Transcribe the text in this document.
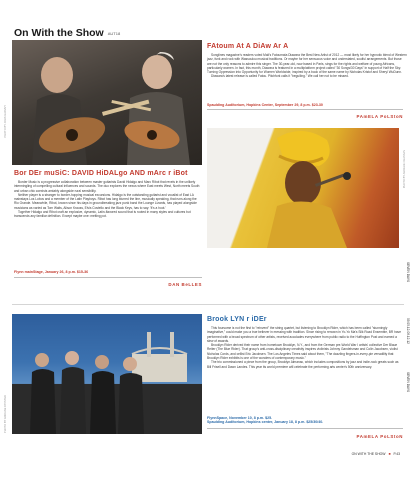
On With the Show AUT18
PHOTO BY JOHN HARVEY
FAtoum At A DiAw Ar A

Songlines magazine's readers voted Mali's Fatoumata Diawara the Best New Artist of 2012 — most likely for her hypnotic blend of Western jazz, funk and rock with Wassoulou musical traditions. Or maybe for her sensuous voice and understated, soulful arrangements. But those are not the only reasons to admire this singer. The 30-year-old, now based in Paris, sings for the rights and welfare of young Africans, particularly women. In fact, this month, Diawara is featured in a multiplatform project called "30 Songs/30 Days" in support of Half the Sky: Turning Oppression into Opportunity for Women Worldwide, inspired by a book of the same name by Nicholas Kristof and Sheryl WuDunn.

Diawara's latest release is called Fatou. Pitchfork calls it "beguiling." We call her not to be missed.

Spaulding Auditorium, Hopkins Center, September 29, 8 p.m. $23-30
PAmELA PoLStoN
PHOTO BY AURELIE CHASSAN
Bor DEr muSiC: DAVID HiDALgo AND mArc r iBot

Border Music is a progressive collaboration between master guitarists David Hidalgo and Marc Ribot that revels in the unlikely intermingling of compelling cultural influences and sounds. The duo explores the nexus where East meets West, North meets South and urban chic coexists amiably alongside rural sensibility.

Neither player is a stranger to border-hopping musical excursions. Hidalgo is the outstanding guitarist and vocalist of East LA mainstays Los Lobos and a member of the Latin Playboys. Ribot has long blurred the line, musically speaking, that runs along the Rio Grande. Meanwhile, Ribot, known since his days in groundbreaking jazz punk band the Lounge Lizards, has played alongside musicians as varied as Tom Waits, Alison Krauss, Elvis Costello and the Black Keys, has to say: 'It's a hoot.'

Together Hidalgo and Ribot craft an explosive, dynamic, Latin-flavored sound that is rooted in many styles and cultures but transcends any familiar definition. Except maybe one: melting pot.

Flynn mainStage, January 26, 8 p.m. $15-36
DAN BeLLES
PHOTO BY ADRIANE PAYNTER
Brook LYN r iDEr

This foursome is not the first to "reinvent" the string quartet, but listening to Brooklyn Rider, which has been called "stunningly imaginative," could make you a true believer in messing with tradition. Since rising to renown in Yo-Yo Ma's Silk Road Ensemble, BR have performed with a broad spectrum of other artists, received accolades everywhere from public radio to the Huffington Post and earned a slew of awards.

Brooklyn Rider derived their name from hometown Brooklyn, N.Y., and from the German pre-World War I artists' collective Der Blaue Reiter (The Blue Rider). That group's anti-cross-disciplinary creativity inspires violinists Johnny Gandelsman and Colin Jacobsen, violist Nicholas Cords, and cellist Eric Jacobsen. The Los Angeles Times said about them, "The dazzling fingers-in-every-pie versatility that Brooklyn Rider exhibits is one of the wonders of contemporary music."

The trio commissioned a piece from the group, Brooklyn Almanac, which includes compositions by jazz and indie-rock greats such as Bill Frisell and Dawn Landes. This year its world premiere will celebrate the performing arts center's 50th anniversary.

FlynnSpace, November 10, 8 p.m. $25.
Spaulding Auditorium, Hopkins center, January 18, 8 p.m. $25/30/40.
PAmELA PoLStoN
SEVEN DAYS
09.05.12-09.12.12
SEVEN DAYS
ON WITH THE SHOW ■ P.43
